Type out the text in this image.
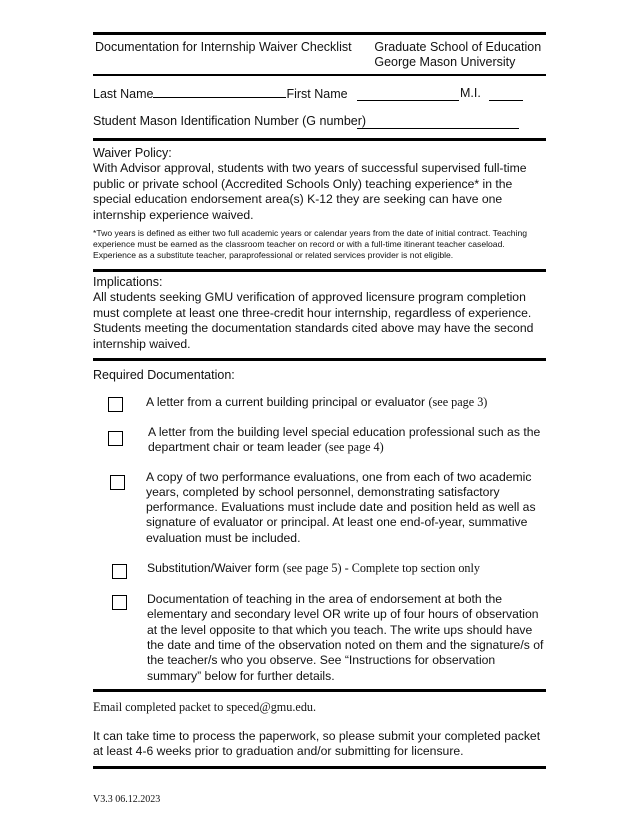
Documentation for Internship Waiver Checklist	Graduate School of Education
George Mason University
Last Name	First Name	M.I.
Student Mason Identification Number (G number)
Waiver Policy:

With Advisor approval, students with two years of successful supervised full-time public or private school (Accredited Schools Only) teaching experience* in the special education endorsement area(s) K-12 they are seeking can have one internship experience waived.

*Two years is defined as either two full academic years or calendar years from the date of initial contract. Teaching experience must be earned as the classroom teacher on record or with a full-time itinerant teacher caseload. Experience as a substitute teacher, paraprofessional or related services provider is not eligible.
Implications:

All students seeking GMU verification of approved licensure program completion must complete at least one three-credit hour internship, regardless of experience. Students meeting the documentation standards cited above may have the second internship waived.

Required Documentation:
A letter from a current building principal or evaluator (see page 3)
A letter from the building level special education professional such as the department chair or team leader (see page 4)
A copy of two performance evaluations, one from each of two academic years, completed by school personnel, demonstrating satisfactory performance. Evaluations must include date and position held as well as signature of evaluator or principal. At least one end-of-year, summative evaluation must be included.
Substitution/Waiver form (see page 5) - Complete top section only
Documentation of teaching in the area of endorsement at both the elementary and secondary level OR write up of four hours of observation at the level opposite to that which you teach. The write ups should have the date and time of the observation noted on them and the signature/s of the teacher/s who you observe. See “Instructions for observation summary” below for further details.
Email completed packet to speced@gmu.edu.
It can take time to process the paperwork, so please submit your completed packet at least 4-6 weeks prior to graduation and/or submitting for licensure.
V3.3 06.12.2023
